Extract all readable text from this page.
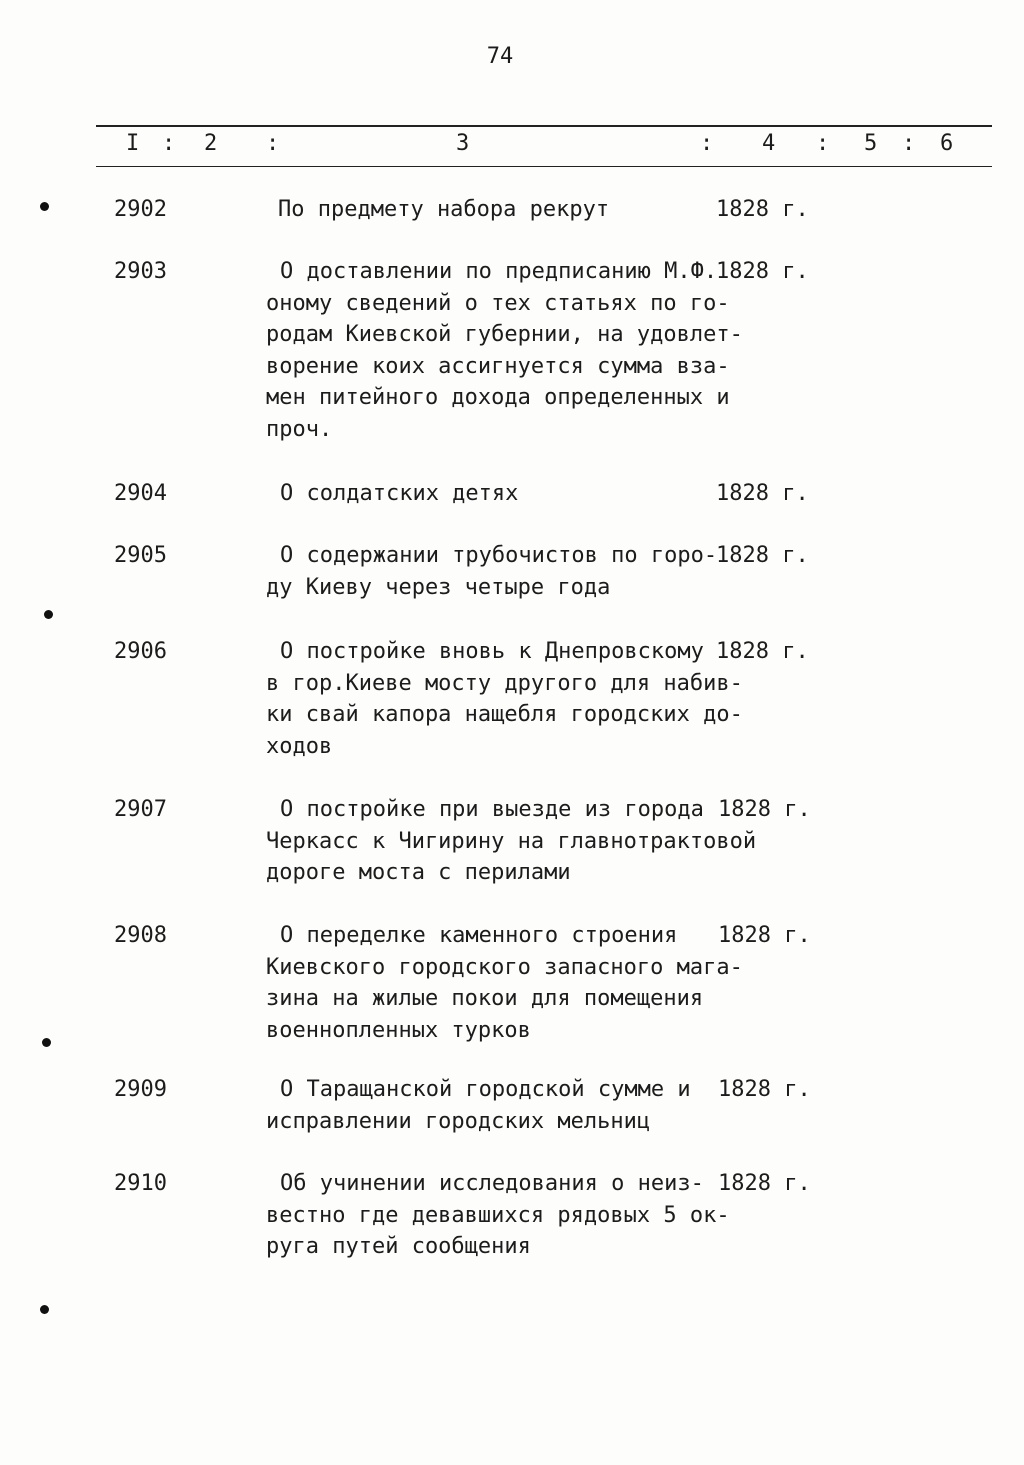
74
I : 2 :	3	: 4 : 5 : 6
2902	По предмету набора рекрут	1828 г.
2903	О доставлении по предписанию М.Ф.
оному сведений о тех статьях по го-
родам Киевской губернии, на удовлет-
ворение коих ассигнуется сумма вза-
мен питейного дохода определенных и
проч.
1828 г.
2904	О солдатских детях	1828 г.
2905	О содержании трубочистов по горо-
ду Киеву через четыре года
1828 г.
2906	О постройке вновь к Днепровскому
в гор.Киеве мосту другого для набив-
ки свай капора нащебля городских до-
ходов
1828 г.
2907	О постройке при выезде из города
Черкасс к Чигирину на главнотрактовой
дороге моста с перилами
1828 г.
2908	О переделке каменного строения
Киевского городского запасного мага-
зина на жилые покои для помещения
военнопленных турков
1828 г.
2909	О Таращанской городской сумме и
исправлении городских мельниц
1828 г.
2910	Об учинении исследования о неиз-
вестно где девавшихся рядовых 5 ок-
руга путей сообщения
1828 г.
